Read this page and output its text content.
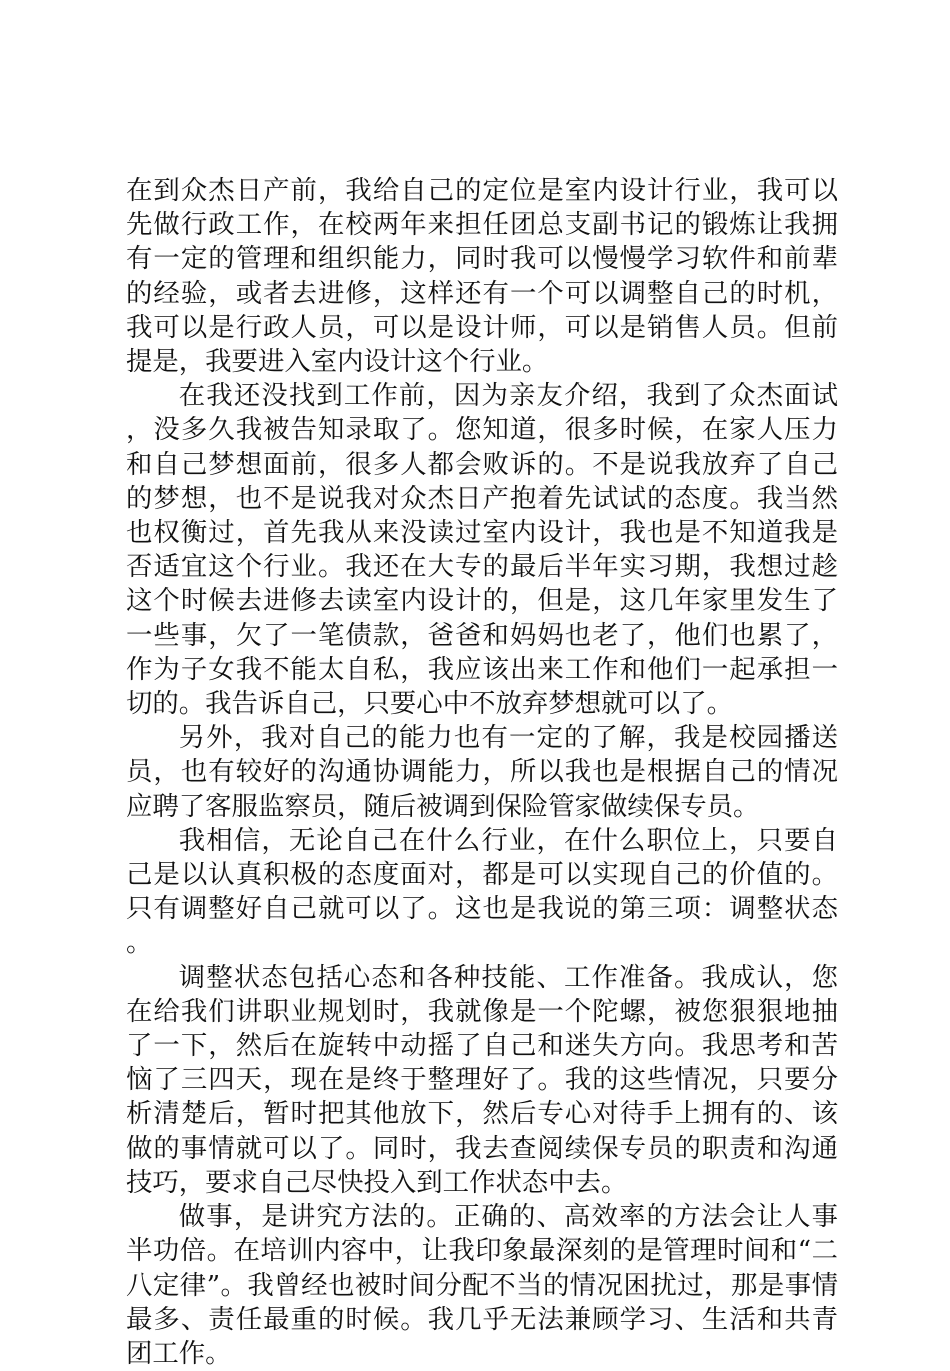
在到众杰日产前，我给自己的定位是室内设计行业，我可以先做行政工作，在校两年来担任团总支副书记的锻炼让我拥有一定的管理和组织能力，同时我可以慢慢学习软件和前辈的经验，或者去进修，这样还有一个可以调整自己的时机，我可以是行政人员，可以是设计师，可以是销售人员。但前提是，我要进入室内设计这个行业。

在我还没找到工作前，因为亲友介绍，我到了众杰面试，没多久我被告知录取了。您知道，很多时候，在家人压力和自己梦想面前，很多人都会败诉的。不是说我放弃了自己的梦想，也不是说我对众杰日产抱着先试试的态度。我当然也权衡过，首先我从来没读过室内设计，我也是不知道我是否适宜这个行业。我还在大专的最后半年实习期，我想过趁这个时候去进修去读室内设计的，但是，这几年家里发生了一些事，欠了一笔债款，爸爸和妈妈也老了，他们也累了，作为子女我不能太自私，我应该出来工作和他们一起承担一切的。我告诉自己，只要心中不放弃梦想就可以了。

另外，我对自己的能力也有一定的了解，我是校园播送员，也有较好的沟通协调能力，所以我也是根据自己的情况应聘了客服监察员，随后被调到保险管家做续保专员。

我相信，无论自己在什么行业，在什么职位上，只要自己是以认真积极的态度面对，都是可以实现自己的价值的。只有调整好自己就可以了。这也是我说的第三项：调整状态。

调整状态包括心态和各种技能、工作准备。我成认，您在给我们讲职业规划时，我就像是一个陀螺，被您狠狠地抽了一下，然后在旋转中动摇了自己和迷失方向。我思考和苦恼了三四天，现在是终于整理好了。我的这些情况，只要分析清楚后，暂时把其他放下，然后专心对待手上拥有的、该做的事情就可以了。同时，我去查阅续保专员的职责和沟通技巧，要求自己尽快投入到工作状态中去。

做事，是讲究方法的。正确的、高效率的方法会让人事半功倍。在培训内容中，让我印象最深刻的是管理时间和“二八定律”。我曾经也被时间分配不当的情况困扰过，那是事情最多、责任最重的时候。我几乎无法兼顾学习、生活和共青团工作。
